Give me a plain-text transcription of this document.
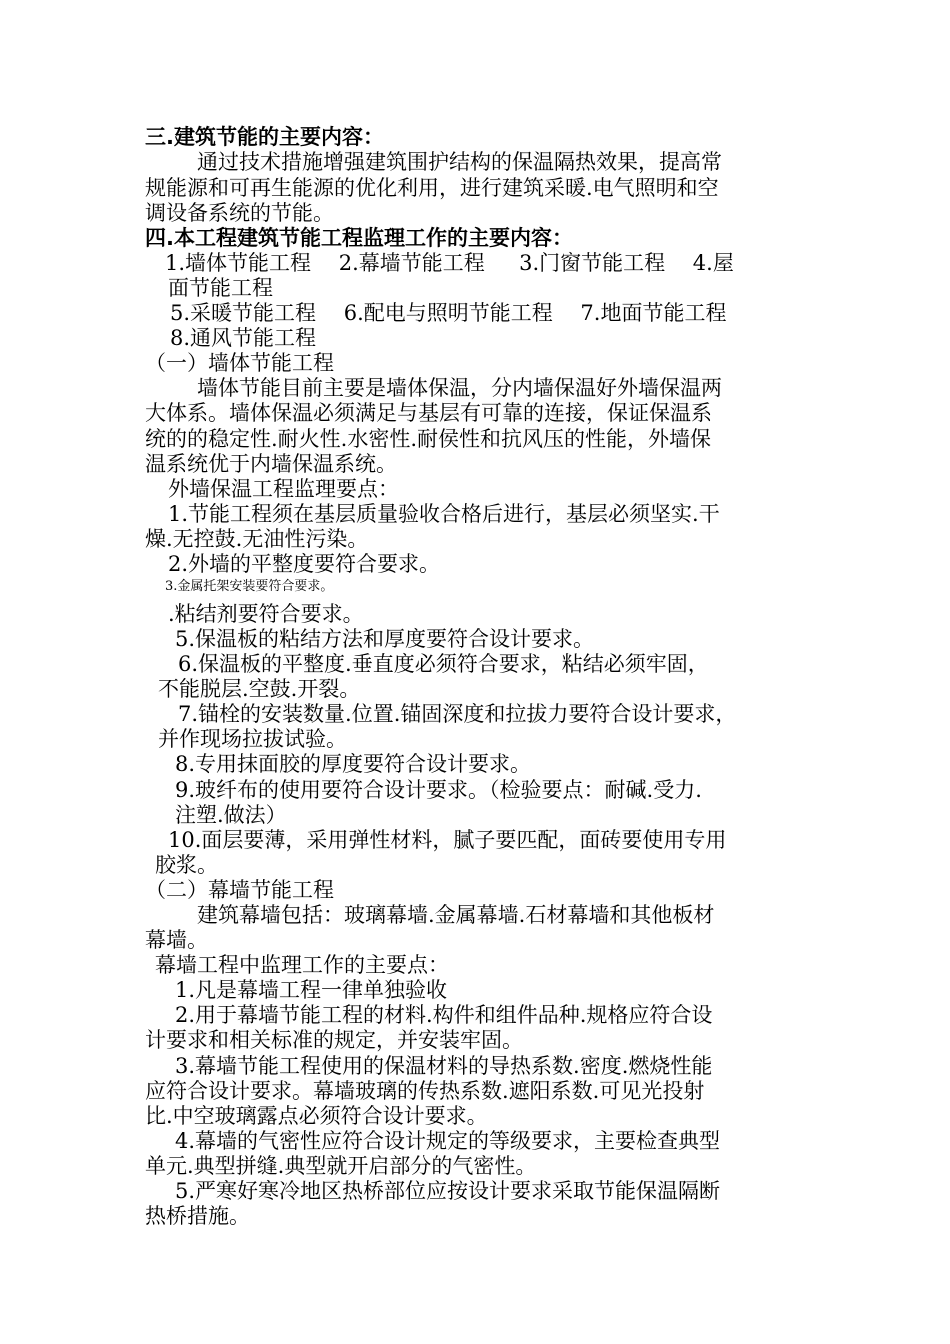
三.建筑节能的主要内容：
通过技术措施增强建筑围护结构的保温隔热效果，提高常
规能源和可再生能源的优化利用，进行建筑采暖.电气照明和空
调设备系统的节能。
四.本工程建筑节能工程监理工作的主要内容：
1.墙体节能工程　 2.幕墙节能工程 　 3.门窗节能工程　 4.屋
面节能工程
5.采暖节能工程　 6.配电与照明节能工程 　7.地面节能工程
8.通风节能工程
（一）墙体节能工程
墙体节能目前主要是墙体保温，分内墙保温好外墙保温两
大体系。墙体保温必须满足与基层有可靠的连接，保证保温系
统的的稳定性.耐火性.水密性.耐侯性和抗风压的性能，外墙保
温系统优于内墙保温系统。
外墙保温工程监理要点：
1.节能工程须在基层质量验收合格后进行，基层必须坚实.干
燥.无控鼓.无油性污染。
2.外墙的平整度要符合要求。
3.金属托架安装要符合要求。
.粘结剂要符合要求。
5.保温板的粘结方法和厚度要符合设计要求。
6.保温板的平整度.垂直度必须符合要求，粘结必须牢固，
不能脱层.空鼓.开裂。
7.锚栓的安装数量.位置.锚固深度和拉拔力要符合设计要求，
并作现场拉拔试验。
8.专用抹面胶的厚度要符合设计要求。
9.玻纤布的使用要符合设计要求。（检验要点：耐碱.受力.
注塑.做法）
10.面层要薄，采用弹性材料，腻子要匹配，面砖要使用专用
胶浆。
（二）幕墙节能工程
建筑幕墙包括：玻璃幕墙.金属幕墙.石材幕墙和其他板材
幕墙。
幕墙工程中监理工作的主要点：
1.凡是幕墙工程一律单独验收
2.用于幕墙节能工程的材料.构件和组件品种.规格应符合设
计要求和相关标准的规定，并安装牢固。
3.幕墙节能工程使用的保温材料的导热系数.密度.燃烧性能
应符合设计要求。幕墙玻璃的传热系数.遮阳系数.可见光投射
比.中空玻璃露点必须符合设计要求。
4.幕墙的气密性应符合设计规定的等级要求，主要检查典型
单元.典型拼缝.典型就开启部分的气密性。
5.严寒好寒冷地区热桥部位应按设计要求采取节能保温隔断
热桥措施。
